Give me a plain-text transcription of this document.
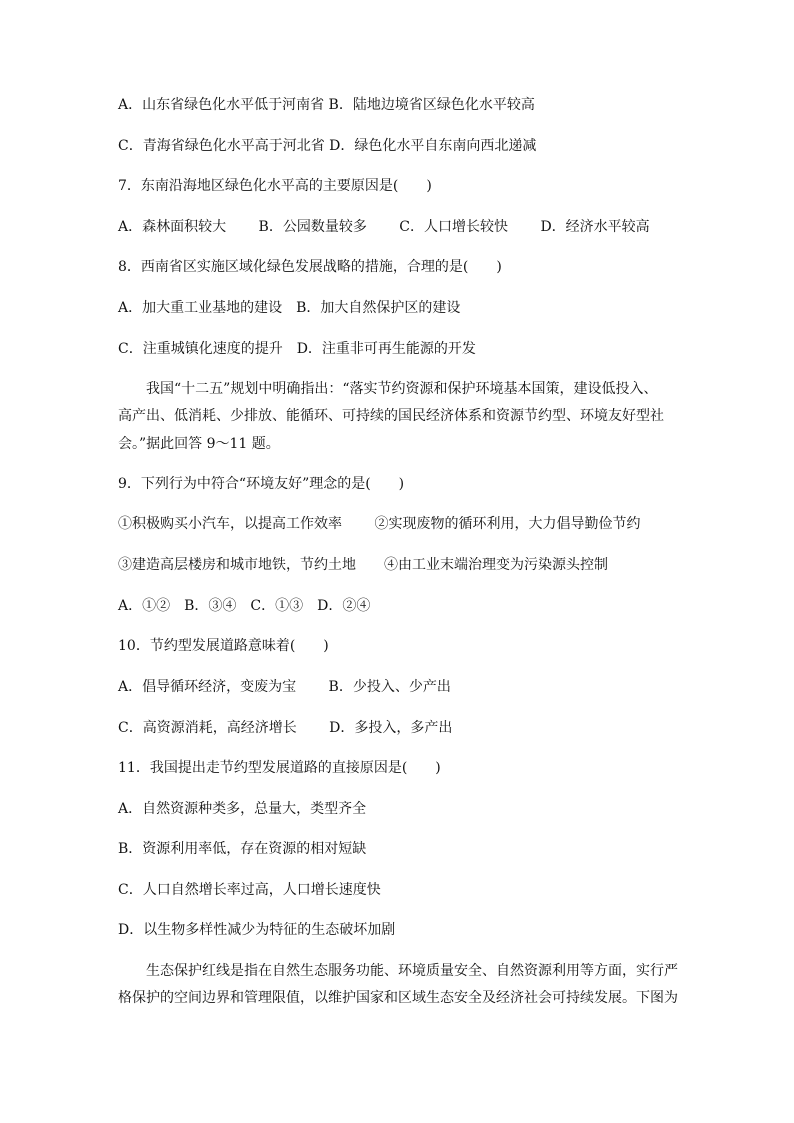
A．山东省绿色化水平低于河南省 B．陆地边境省区绿色化水平较高
C．青海省绿色化水平高于河北省 D．绿色化水平自东南向西北递减
7．东南沿海地区绿色化水平高的主要原因是(　　)
A．森林面积较大　　 B．公园数量较多　　 C．人口增长较快　　 D．经济水平较高
8．西南省区实施区域化绿色发展战略的措施，合理的是(　　)
A．加大重工业基地的建设　B．加大自然保护区的建设
C．注重城镇化速度的提升　D．注重非可再生能源的开发
我国“十二五”规划中明确指出：“落实节约资源和保护环境基本国策，建设低投入、
高产出、低消耗、少排放、能循环、可持续的国民经济体系和资源节约型、环境友好型社
会。”据此回答 9～11 题。
9．下列行为中符合“环境友好”理念的是(　　)
①积极购买小汽车，以提高工作效率　　 ②实现废物的循环利用，大力倡导勤俭节约
③建造高层楼房和城市地铁，节约土地　　④由工业末端治理变为污染源头控制
A．①②　B．③④　C．①③　D．②④
10．节约型发展道路意味着(　　)
A．倡导循环经济，变废为宝　　 B．少投入、少产出
C．高资源消耗，高经济增长　　 D．多投入，多产出
11．我国提出走节约型发展道路的直接原因是(　　)
A．自然资源种类多，总量大，类型齐全
B．资源利用率低，存在资源的相对短缺
C．人口自然增长率过高，人口增长速度快
D．以生物多样性减少为特征的生态破坏加剧
生态保护红线是指在自然生态服务功能、环境质量安全、自然资源利用等方面，实行严
格保护的空间边界和管理限值，以维护国家和区域生态安全及经济社会可持续发展。下图为
